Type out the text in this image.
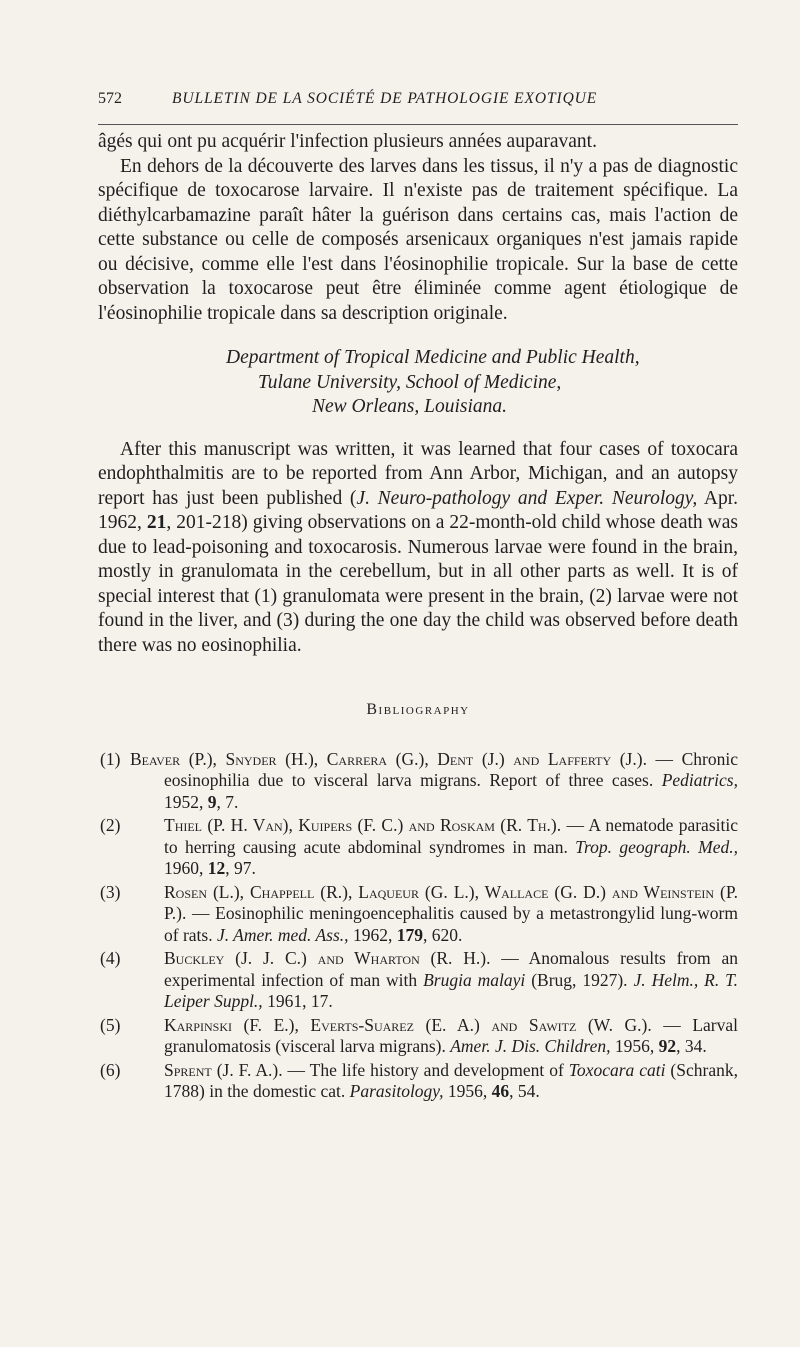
572	BULLETIN DE LA SOCIÉTÉ DE PATHOLOGIE EXOTIQUE

âgés qui ont pu acquérir l'infection plusieurs années auparavant.

En dehors de la découverte des larves dans les tissus, il n'y a pas de diagnostic spécifique de toxocarose larvaire. Il n'existe pas de traitement spécifique. La diéthylcarbamazine paraît hâter la guérison dans certains cas, mais l'action de cette substance ou celle de composés arsenicaux organiques n'est jamais rapide ou décisive, comme elle l'est dans l'éosinophilie tropicale. Sur la base de cette observation la toxocarose peut être éliminée comme agent étiologique de l'éosinophilie tropicale dans sa description originale.

Department of Tropical Medicine and Public Health,
Tulane University, School of Medicine,
New Orleans, Louisiana.

After this manuscript was written, it was learned that four cases of toxocara endophthalmitis are to be reported from Ann Arbor, Michigan, and an autopsy report has just been published (J. Neuro-pathology and Exper. Neurology, Apr. 1962, 21, 201-218) giving observations on a 22-month-old child whose death was due to lead-poisoning and toxocarosis. Numerous larvae were found in the brain, mostly in granulomata in the cerebellum, but in all other parts as well. It is of special interest that (1) granulomata were present in the brain, (2) larvae were not found in the liver, and (3) during the one day the child was observed before death there was no eosinophilia.

Bibliography
(1) Beaver (P.), Snyder (H.), Carrera (G.), Dent (J.) and Lafferty (J.). — Chronic eosinophilia due to visceral larva migrans. Report of three cases. Pediatrics, 1952, 9, 7.
(2) Thiel (P. H. Van), Kuipers (F. C.) and Roskam (R. Th.). — A nematode parasitic to herring causing acute abdominal syndromes in man. Trop. geograph. Med., 1960, 12, 97.
(3) Rosen (L.), Chappell (R.), Laqueur (G. L.), Wallace (G. D.) and Weinstein (P. P.). — Eosinophilic meningoencephalitis caused by a metastrongylid lung-worm of rats. J. Amer. med. Ass., 1962, 179, 620.
(4) Buckley (J. J. C.) and Wharton (R. H.). — Anomalous results from an experimental infection of man with Brugia malayi (Brug, 1927). J. Helm., R. T. Leiper Suppl., 1961, 17.
(5) Karpinski (F. E.), Everts-Suarez (E. A.) and Sawitz (W. G.). — Larval granulomatosis (visceral larva migrans). Amer. J. Dis. Children, 1956, 92, 34.
(6) Sprent (J. F. A.). — The life history and development of Toxocara cati (Schrank, 1788) in the domestic cat. Parasitology, 1956, 46, 54.
